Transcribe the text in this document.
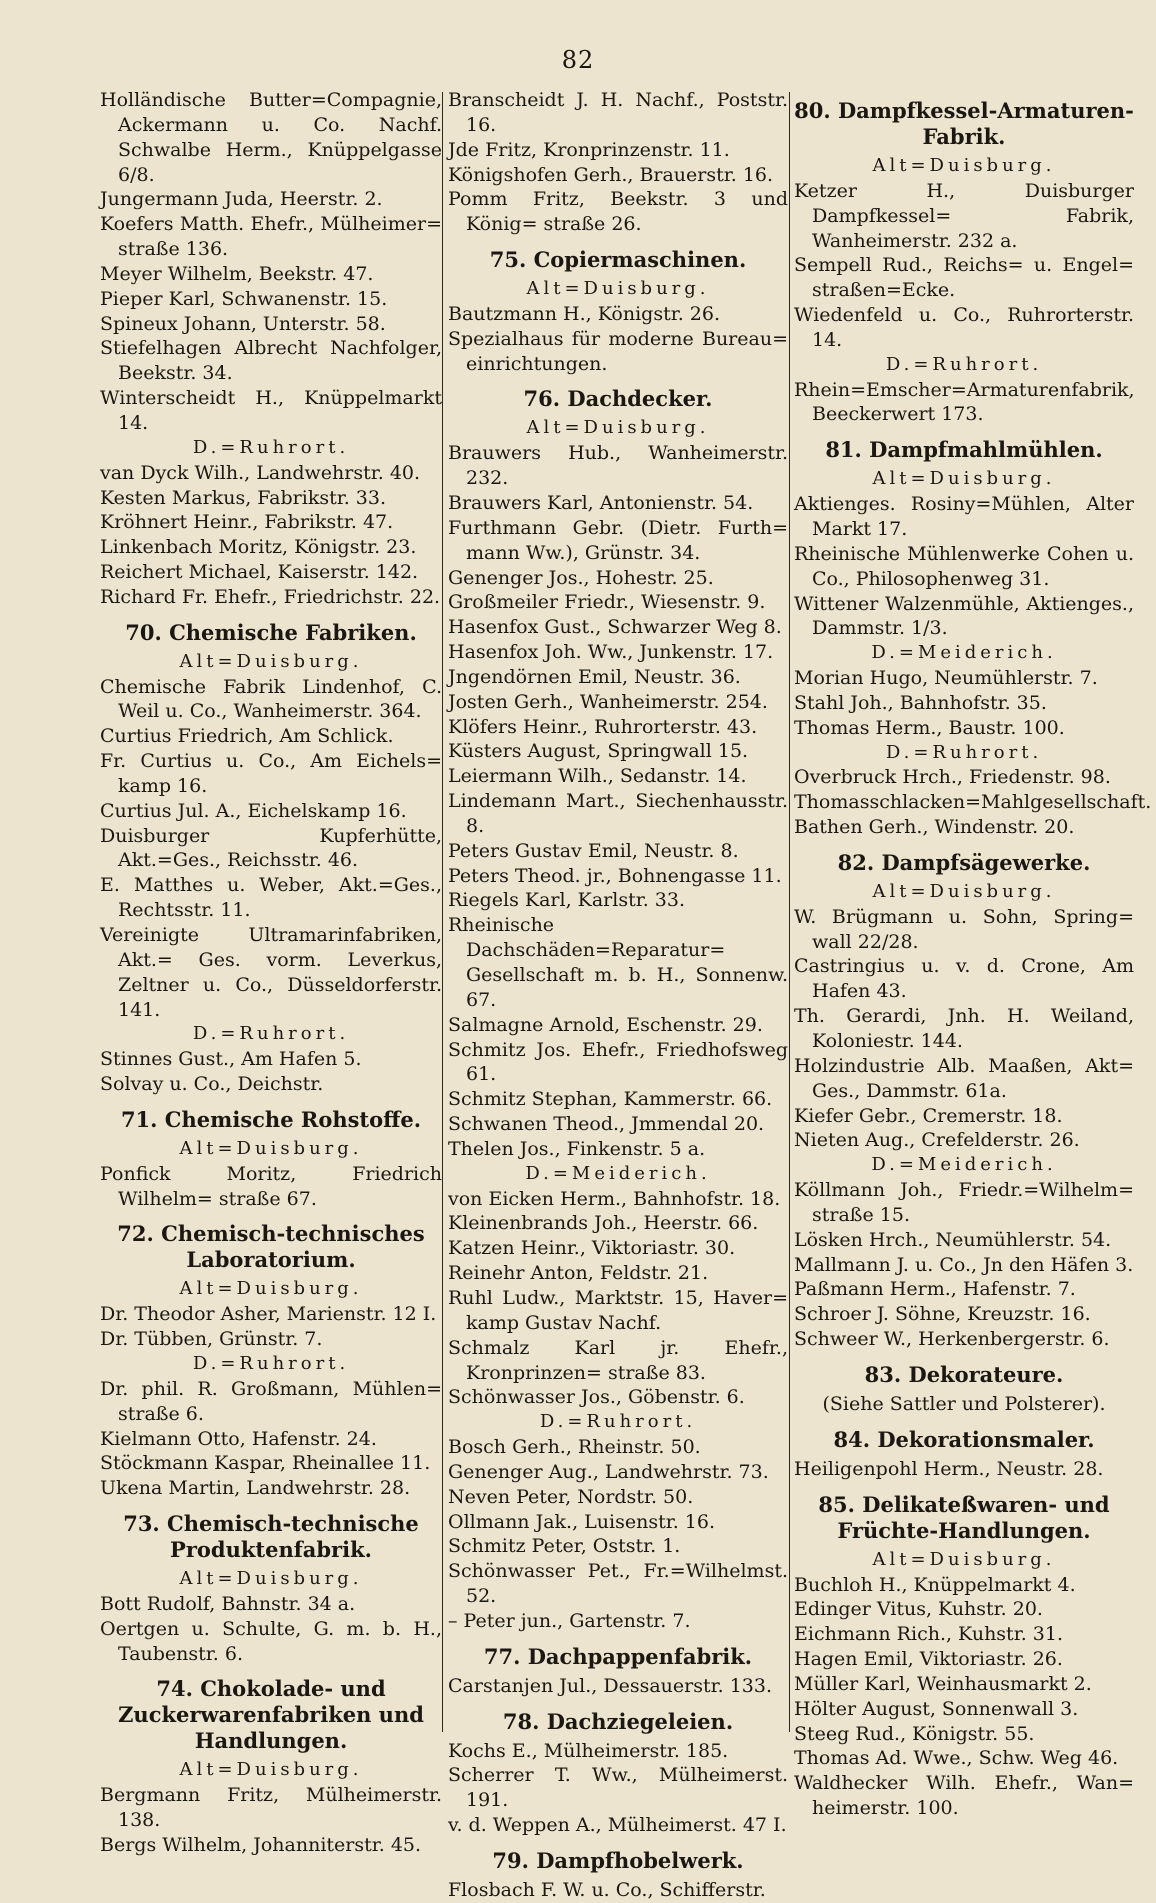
82
Holländische Butter=Compagnie, Ackermann u. Co. Nachf. Schwalbe Herm., Knüppelgasse 6/8.
Jungermann Juda, Heerstr. 2.
Koefers Matth. Ehefr., Mülheimer= straße 136.
Meyer Wilhelm, Beekstr. 47.
Pieper Karl, Schwanenstr. 15.
Spineux Johann, Unterstr. 58.
Stiefelhagen Albrecht Nachfolger, Beekstr. 34.
Winterscheidt H., Knüppelmarkt 14.
D.=Ruhrort.
van Dyck Wilh., Landwehrstr. 40.
Kesten Markus, Fabrikstr. 33.
Kröhnert Heinr., Fabrikstr. 47.
Linkenbach Moritz, Königstr. 23.
Reichert Michael, Kaiserstr. 142.
Richard Fr. Ehefr., Friedrichstr. 22.
70. Chemische Fabriken.
Alt=Duisburg.
Chemische Fabrik Lindenhof, C. Weil u. Co., Wanheimerstr. 364.
Curtius Friedrich, Am Schlick.
Fr. Curtius u. Co., Am Eichels= kamp 16.
Curtius Jul. A., Eichelskamp 16.
Duisburger Kupferhütte, Akt.=Ges., Reichsstr. 46.
E. Matthes u. Weber, Akt.=Ges., Rechtsstr. 11.
Vereinigte Ultramarinfabriken, Akt.= Ges. vorm. Leverkus, Zeltner u. Co., Düsseldorferstr. 141.
D.=Ruhrort.
Stinnes Gust., Am Hafen 5.
Solvay u. Co., Deichstr.
71. Chemische Rohstoffe.
Alt=Duisburg.
Ponfick Moritz, Friedrich Wilhelm= straße 67.
72. Chemisch-technisches Laboratorium.
Alt=Duisburg.
Dr. Theodor Asher, Marienstr. 12 I.
Dr. Tübben, Grünstr. 7.
D.=Ruhrort.
Dr. phil. R. Großmann, Mühlen= straße 6.
Kielmann Otto, Hafenstr. 24.
Stöckmann Kaspar, Rheinallee 11.
Ukena Martin, Landwehrstr. 28.
73. Chemisch-technische Produktenfabrik.
Alt=Duisburg.
Bott Rudolf, Bahnstr. 34 a.
Oertgen u. Schulte, G. m. b. H., Taubenstr. 6.
74. Chokolade- und Zuckerwarenfabriken und Handlungen.
Alt=Duisburg.
Bergmann Fritz, Mülheimerstr. 138.
Bergs Wilhelm, Johanniterstr. 45.
Branscheidt J. H. Nachf., Poststr. 16.
Jde Fritz, Kronprinzenstr. 11.
Königshofen Gerh., Brauerstr. 16.
Pomm Fritz, Beekstr. 3 und König= straße 26.
75. Copiermaschinen.
Alt=Duisburg.
Bautzmann H., Königstr. 26.
Spezialhaus für moderne Bureau= einrichtungen.
76. Dachdecker.
Alt=Duisburg.
Brauwers Hub., Wanheimerstr. 232.
Brauwers Karl, Antonienstr. 54.
Furthmann Gebr. (Dietr. Furth= mann Ww.), Grünstr. 34.
Genenger Jos., Hohestr. 25.
Großmeiler Friedr., Wiesenstr. 9.
Hasenfox Gust., Schwarzer Weg 8.
Hasenfox Joh. Ww., Junkenstr. 17.
Jngendörnen Emil, Neustr. 36.
Josten Gerh., Wanheimerstr. 254.
Klöfers Heinr., Ruhrorterstr. 43.
Küsters August, Springwall 15.
Leiermann Wilh., Sedanstr. 14.
Lindemann Mart., Siechenhausstr. 8.
Peters Gustav Emil, Neustr. 8.
Peters Theod. jr., Bohnengasse 11.
Riegels Karl, Karlstr. 33.
Rheinische Dachschäden=Reparatur= Gesellschaft m. b. H., Sonnenw. 67.
Salmagne Arnold, Eschenstr. 29.
Schmitz Jos. Ehefr., Friedhofsweg 61.
Schmitz Stephan, Kammerstr. 66.
Schwanen Theod., Jmmendal 20.
Thelen Jos., Finkenstr. 5 a.
D.=Meiderich.
von Eicken Herm., Bahnhofstr. 18.
Kleinenbrands Joh., Heerstr. 66.
Katzen Heinr., Viktoriastr. 30.
Reinehr Anton, Feldstr. 21.
Ruhl Ludw., Marktstr. 15, Haver= kamp Gustav Nachf.
Schmalz Karl jr. Ehefr., Kronprinzen= straße 83.
Schönwasser Jos., Göbenstr. 6.
D.=Ruhrort.
Bosch Gerh., Rheinstr. 50.
Genenger Aug., Landwehrstr. 73.
Neven Peter, Nordstr. 50.
Ollmann Jak., Luisenstr. 16.
Schmitz Peter, Oststr. 1.
Schönwasser Pet., Fr.=Wilhelmst. 52.
– Peter jun., Gartenstr. 7.
77. Dachpappenfabrik.
Carstanjen Jul., Dessauerstr. 133.
78. Dachziegeleien.
Kochs E., Mülheimerstr. 185.
Scherrer T. Ww., Mülheimerst. 191.
v. d. Weppen A., Mülheimerst. 47 I.
79. Dampfhobelwerk.
Flosbach F. W. u. Co., Schifferstr.
80. Dampfkessel-Armaturen-Fabrik.
Alt=Duisburg.
Ketzer H., Duisburger Dampfkessel= Fabrik, Wanheimerstr. 232 a.
Sempell Rud., Reichs= u. Engel= straßen=Ecke.
Wiedenfeld u. Co., Ruhrorterstr. 14.
D.=Ruhrort.
Rhein=Emscher=Armaturenfabrik, Beeckerwert 173.
81. Dampfmahlmühlen.
Alt=Duisburg.
Aktienges. Rosiny=Mühlen, Alter Markt 17.
Rheinische Mühlenwerke Cohen u. Co., Philosophenweg 31.
Wittener Walzenmühle, Aktienges., Dammstr. 1/3.
D.=Meiderich.
Morian Hugo, Neumühlerstr. 7.
Stahl Joh., Bahnhofstr. 35.
Thomas Herm., Baustr. 100.
D.=Ruhrort.
Overbruck Hrch., Friedenstr. 98.
Thomasschlacken=Mahlgesellschaft.
Bathen Gerh., Windenstr. 20.
82. Dampfsägewerke.
Alt=Duisburg.
W. Brügmann u. Sohn, Spring= wall 22/28.
Castringius u. v. d. Crone, Am Hafen 43.
Th. Gerardi, Jnh. H. Weiland, Koloniestr. 144.
Holzindustrie Alb. Maaßen, Akt= Ges., Dammstr. 61a.
Kiefer Gebr., Cremerstr. 18.
Nieten Aug., Crefelderstr. 26.
D.=Meiderich.
Köllmann Joh., Friedr.=Wilhelm= straße 15.
Lösken Hrch., Neumühlerstr. 54.
Mallmann J. u. Co., Jn den Häfen 3.
Paßmann Herm., Hafenstr. 7.
Schroer J. Söhne, Kreuzstr. 16.
Schweer W., Herkenbergerstr. 6.
83. Dekorateure.
(Siehe Sattler und Polsterer).
84. Dekorationsmaler.
Heiligenpohl Herm., Neustr. 28.
85. Delikateßwaren- und Früchte-Handlungen.
Alt=Duisburg.
Buchloh H., Knüppelmarkt 4.
Edinger Vitus, Kuhstr. 20.
Eichmann Rich., Kuhstr. 31.
Hagen Emil, Viktoriastr. 26.
Müller Karl, Weinhausmarkt 2.
Hölter August, Sonnenwall 3.
Steeg Rud., Königstr. 55.
Thomas Ad. Wwe., Schw. Weg 46.
Waldhecker Wilh. Ehefr., Wan= heimerstr. 100.
